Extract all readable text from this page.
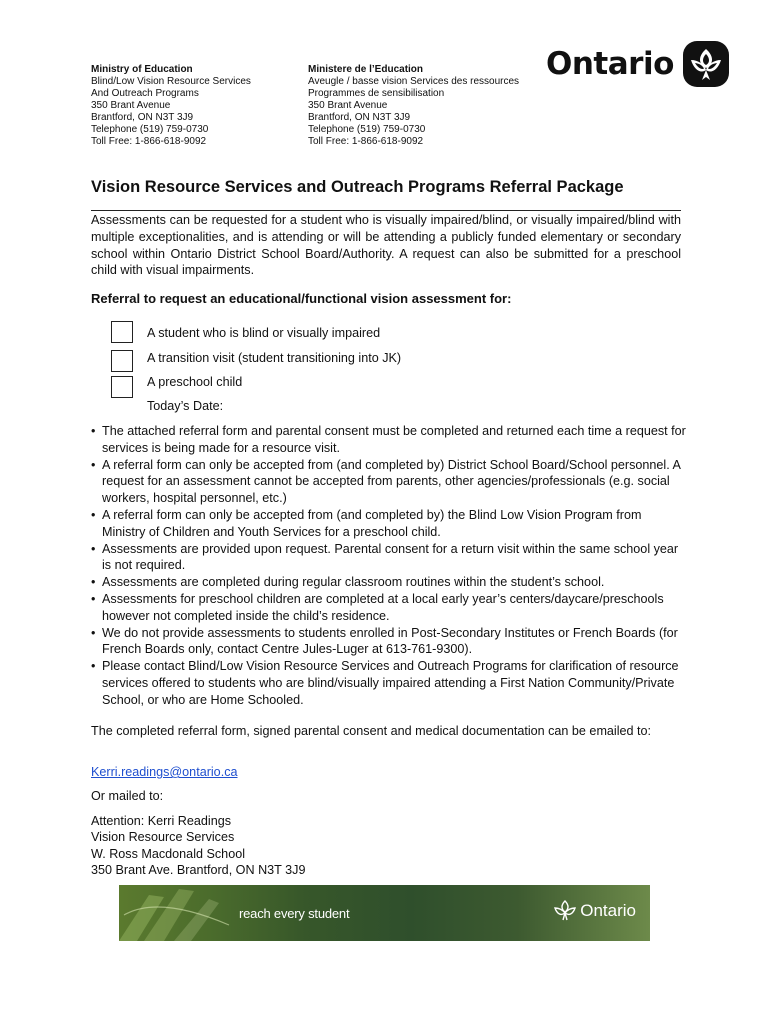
Ministry of Education
Blind/Low Vision Resource Services
And Outreach Programs
350 Brant Avenue
Brantford, ON N3T 3J9
Telephone (519) 759-0730
Toll Free: 1-866-618-9092
Ministere de l’Education
Aveugle / basse vision Services des ressources
Programmes de sensibilisation
350 Brant Avenue
Brantford, ON N3T 3J9
Telephone (519) 759-0730
Toll Free: 1-866-618-9092
Ontario
Vision Resource Services and Outreach Programs Referral Package

Assessments can be requested for a student who is visually impaired/blind, or visually impaired/blind with multiple exceptionalities, and is attending or will be attending a publicly funded elementary or secondary school within Ontario District School Board/Authority. A request can also be submitted for a preschool child with visual impairments.

Referral to request an educational/functional vision assessment for:
A student who is blind or visually impaired
A transition visit (student transitioning into JK)
A preschool child
Today’s Date:
• The attached referral form and parental consent must be completed and returned each time a request for services is being made for a resource visit.
• A referral form can only be accepted from (and completed by) District School Board/School personnel. A request for an assessment cannot be accepted from parents, other agencies/professionals (e.g. social workers, hospital personnel, etc.)
• A referral form can only be accepted from (and completed by) the Blind Low Vision Program from Ministry of Children and Youth Services for a preschool child.
• Assessments are provided upon request. Parental consent for a return visit within the same school year is not required.
• Assessments are completed during regular classroom routines within the student’s school.
• Assessments for preschool children are completed at a local early year’s centers/daycare/preschools however not completed inside the child’s residence.
• We do not provide assessments to students enrolled in Post-Secondary Institutes or French Boards (for French Boards only, contact Centre Jules-Luger at 613-761-9300).
• Please contact Blind/Low Vision Resource Services and Outreach Programs for clarification of resource services offered to students who are blind/visually impaired attending a First Nation Community/Private School, or who are Home Schooled.

The completed referral form, signed parental consent and medical documentation can be emailed to:

Kerri.readings@ontario.ca
Or mailed to:
Attention: Kerri Readings
Vision Resource Services
W. Ross Macdonald School
350 Brant Ave. Brantford, ON N3T 3J9
reach every student	Ontario
